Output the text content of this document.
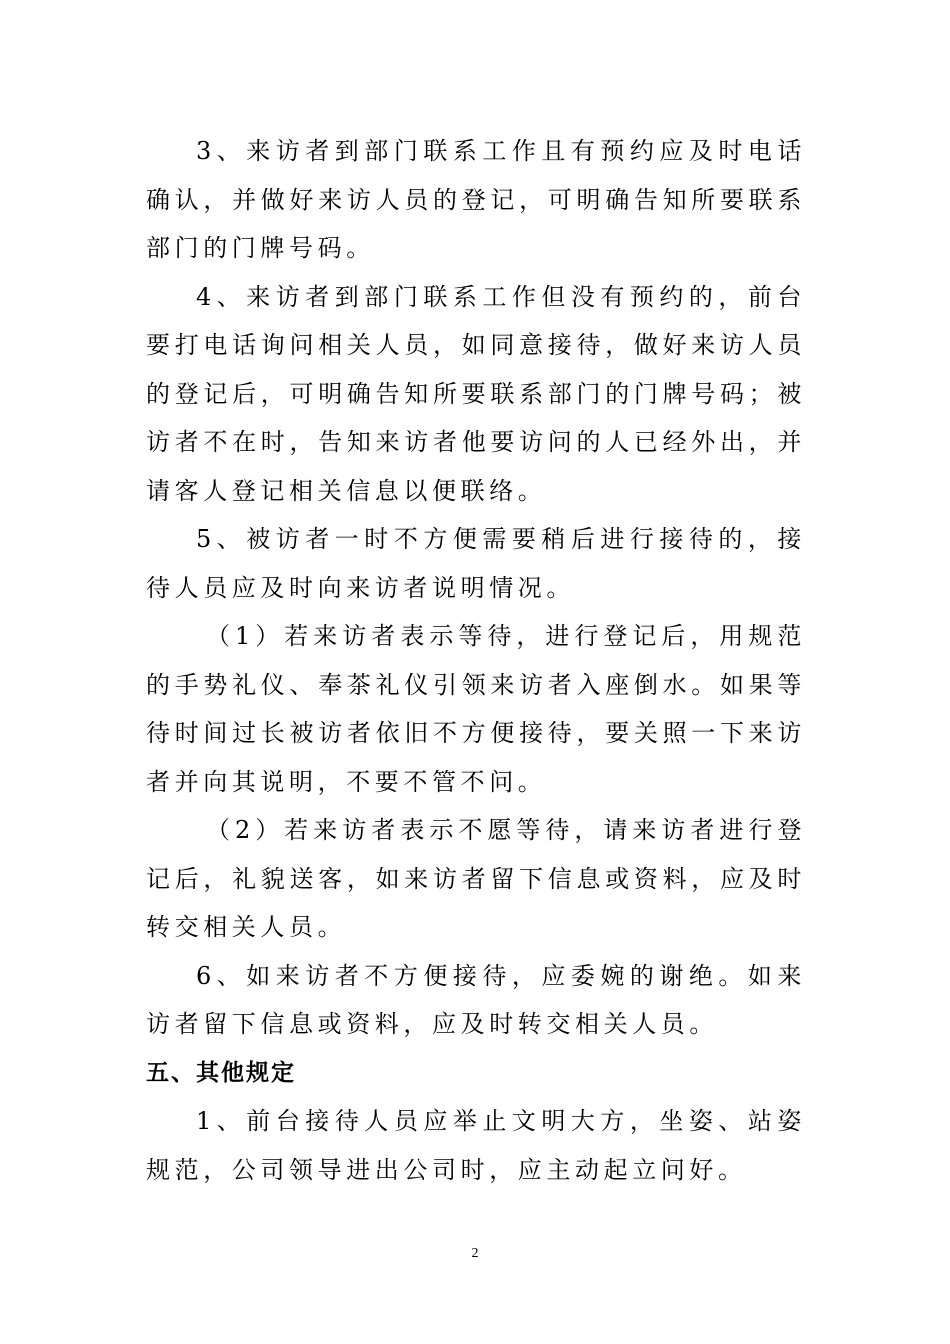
3、来访者到部门联系工作且有预约应及时电话确认，并做好来访人员的登记，可明确告知所要联系部门的门牌号码。

4、来访者到部门联系工作但没有预约的，前台要打电话询问相关人员，如同意接待，做好来访人员的登记后，可明确告知所要联系部门的门牌号码；被访者不在时，告知来访者他要访问的人已经外出，并请客人登记相关信息以便联络。

5、被访者一时不方便需要稍后进行接待的，接待人员应及时向来访者说明情况。

（1）若来访者表示等待，进行登记后，用规范的手势礼仪、奉茶礼仪引领来访者入座倒水。如果等待时间过长被访者依旧不方便接待，要关照一下来访者并向其说明，不要不管不问。

（2）若来访者表示不愿等待，请来访者进行登记后，礼貌送客，如来访者留下信息或资料，应及时转交相关人员。

6、如来访者不方便接待，应委婉的谢绝。如来访者留下信息或资料，应及时转交相关人员。

五、其他规定

1、前台接待人员应举止文明大方，坐姿、站姿规范，公司领导进出公司时，应主动起立问好。

2
